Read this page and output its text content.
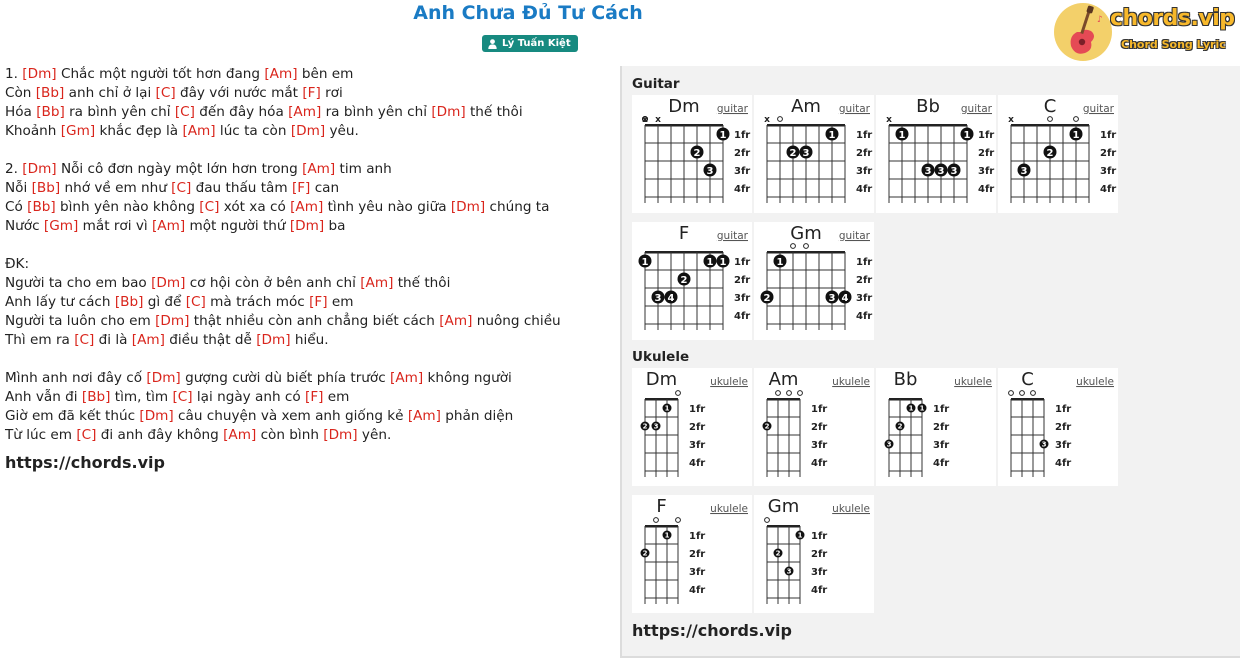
Anh Chưa Đủ Tư Cách
Lý Tuấn Kiệt
♪ chords.vip
Chord Song Lyric
1. [Dm] Chắc một người tốt hơn đang [Am] bên em
Còn [Bb] anh chỉ ở lại [C] đây với nước mắt [F] rơi
Hóa [Bb] ra bình yên chỉ [C] đến đây hóa [Am] ra bình yên chỉ [Dm] thế thôi
Khoảnh [Gm] khắc đẹp là [Am] lúc ta còn [Dm] yêu.
2. [Dm] Nỗi cô đơn ngày một lớn hơn trong [Am] tim anh
Nỗi [Bb] nhớ về em như [C] đau thấu tâm [F] can
Có [Bb] bình yên nào không [C] xót xa có [Am] tình yêu nào giữa [Dm] chúng ta
Nước [Gm] mắt rơi vì [Am] một người thứ [Dm] ba
ĐK:
Người ta cho em bao [Dm] cơ hội còn ở bên anh chỉ [Am] thế thôi
Anh lấy tư cách [Bb] gì để [C] mà trách móc [F] em
Người ta luôn cho em [Dm] thật nhiều còn anh chẳng biết cách [Am] nuông chiều
Thì em ra [C] đi là [Am] điều thật dễ [Dm] hiểu.
Mình anh nơi đây cố [Dm] gượng cười dù biết phía trước [Am] không người
Anh vẫn đi [Bb] tìm, tìm [C] lại ngày anh có [F] em
Giờ em đã kết thúc [Dm] câu chuyện và xem anh giống kẻ [Am] phản diện
Từ lúc em [C] đi anh đây không [Am] còn bình [Dm] yên.
https://chords.vip
Guitar
Ukulele
https://chords.vip
Dm guitar
1fr
2fr
3fr
4fr
x x
1
2
3
Am guitar
1fr
2fr
3fr
4fr
x
1
2 3
Bb guitar
1fr
2fr
3fr
4fr
x
1	1
3 3 3
C	guitar
1fr
2fr
3fr
4fr
x
1
2
3
F	guitar
1fr
2fr
3fr
4fr
1	1 1
2
3 4
Gm guitar
1fr
2fr
3fr
4fr
1
2	3 4
Dm	ukulele
1fr
2fr
3fr
4fr
1
2 3
Am	ukulele
1fr
2fr
3fr
4fr
2
Bb	ukulele
1fr
2fr
3fr
4fr
1 1
2
3
C	ukulele
1fr
2fr
3fr
4fr
3
F	ukulele
1fr
2fr
3fr
4fr
1
2
Gm	ukulele
1fr
2fr
3fr
4fr
1
2
3
